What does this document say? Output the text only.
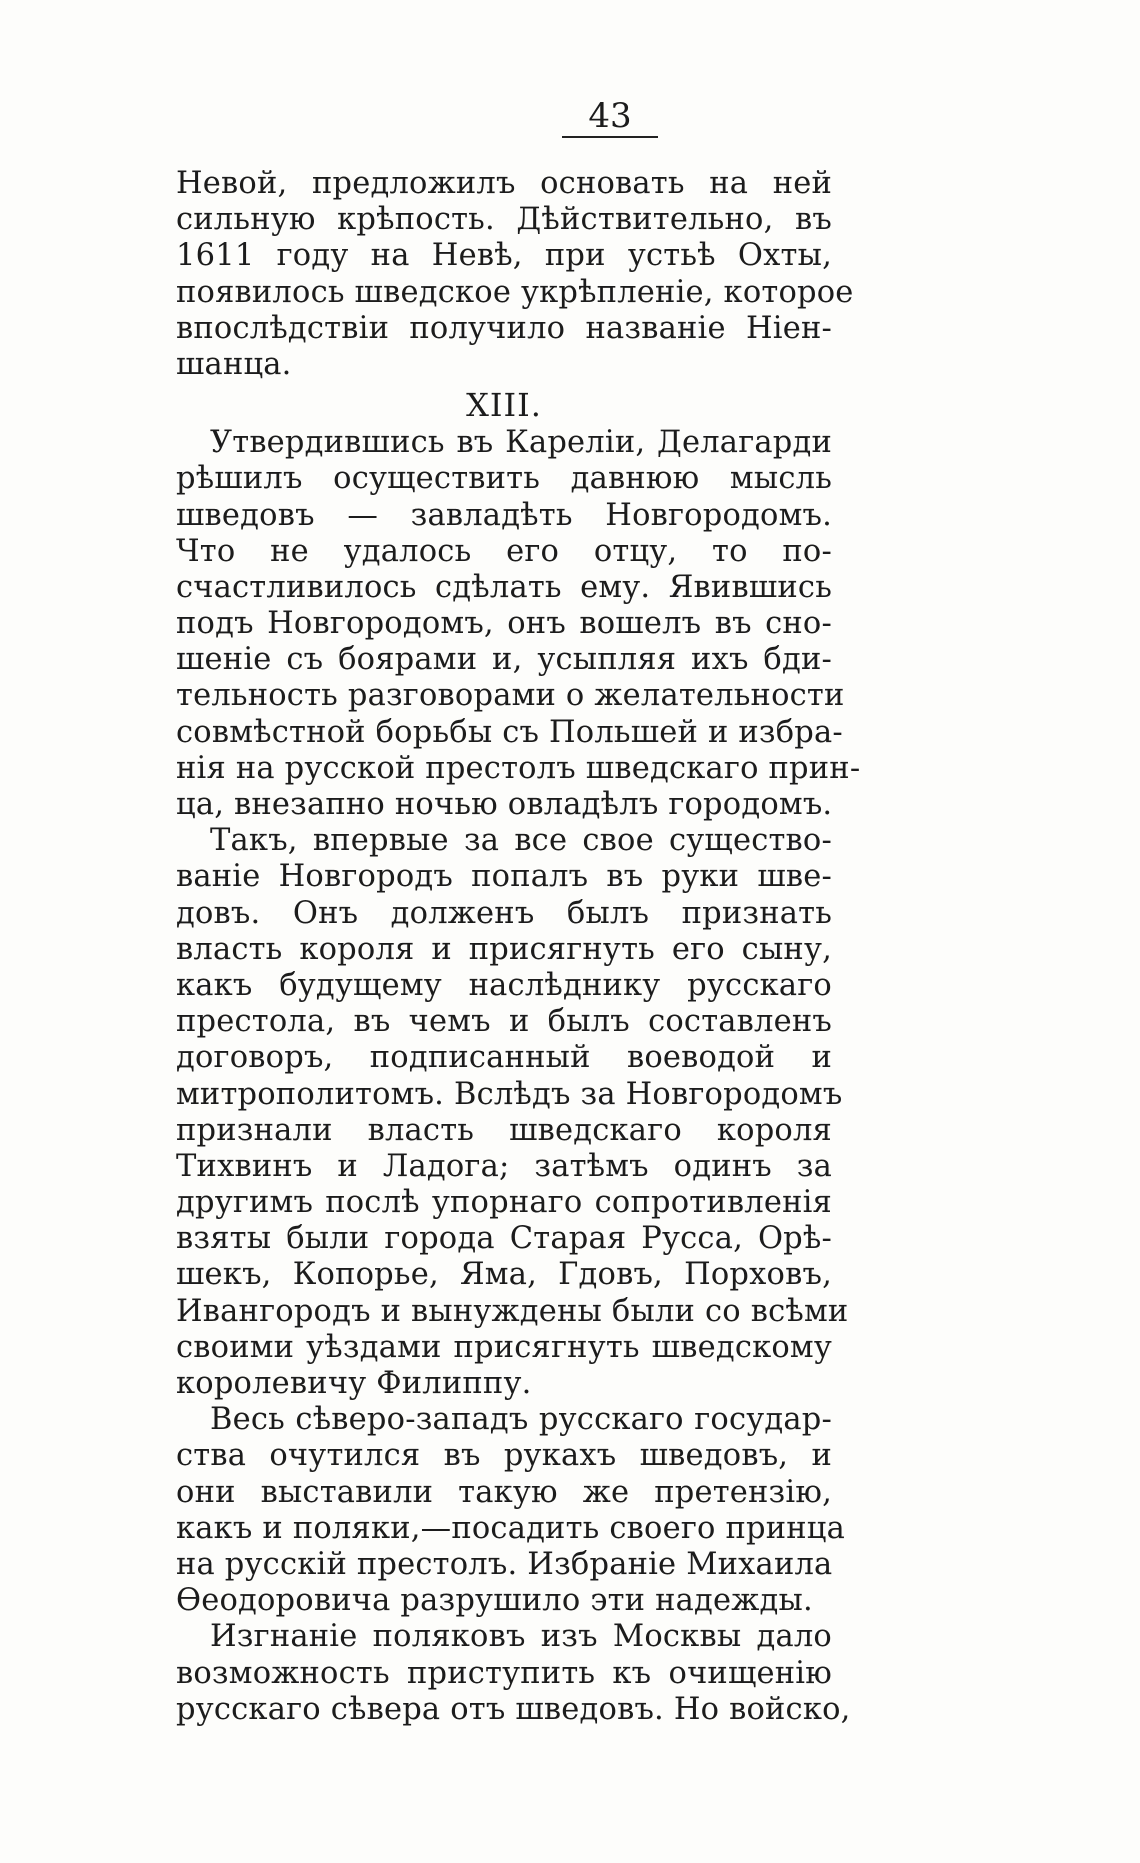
43
Невой, предложилъ основать на ней
сильную крѣпость. Дѣйствительно, въ
1611 году на Невѣ, при устьѣ Охты,
появилось шведское укрѣпленіе, которое
впослѣдствіи получило названіе Ніен-
шанца.
XIII.
Утвердившись въ Кареліи, Делагарди
рѣшилъ осуществить давнюю мысль
шведовъ — завладѣть Новгородомъ.
Что не удалось его отцу, то по-
счастливилось сдѣлать ему. Явившись
подъ Новгородомъ, онъ вошелъ въ сно-
шеніе съ боярами и, усыпляя ихъ бди-
тельность разговорами о желательности
совмѣстной борьбы съ Польшей и избра-
нія на русской престолъ шведскаго прин-
ца, внезапно ночью овладѣлъ городомъ.
Такъ, впервые за все свое существо-
ваніе Новгородъ попалъ въ руки шве-
довъ. Онъ долженъ былъ признать
власть короля и присягнуть его сыну,
какъ будущему наслѣднику русскаго
престола, въ чемъ и былъ составленъ
договоръ, подписанный воеводой и
митрополитомъ. Вслѣдъ за Новгородомъ
признали власть шведскаго короля
Тихвинъ и Ладога; затѣмъ одинъ за
другимъ послѣ упорнаго сопротивленія
взяты были города Старая Русса, Орѣ-
шекъ, Копорье, Яма, Гдовъ, Порховъ,
Ивангородъ и вынуждены были со всѣми
своими уѣздами присягнуть шведскому
королевичу Филиппу.
Весь сѣверо-западъ русскаго государ-
ства очутился въ рукахъ шведовъ, и
они выставили такую же претензію,
какъ и поляки,—посадить своего принца
на русскій престолъ. Избраніе Михаила
Ѳеодоровича разрушило эти надежды.
Изгнаніе поляковъ изъ Москвы дало
возможность приступить къ очищенію
русскаго сѣвера отъ шведовъ. Но войско,
